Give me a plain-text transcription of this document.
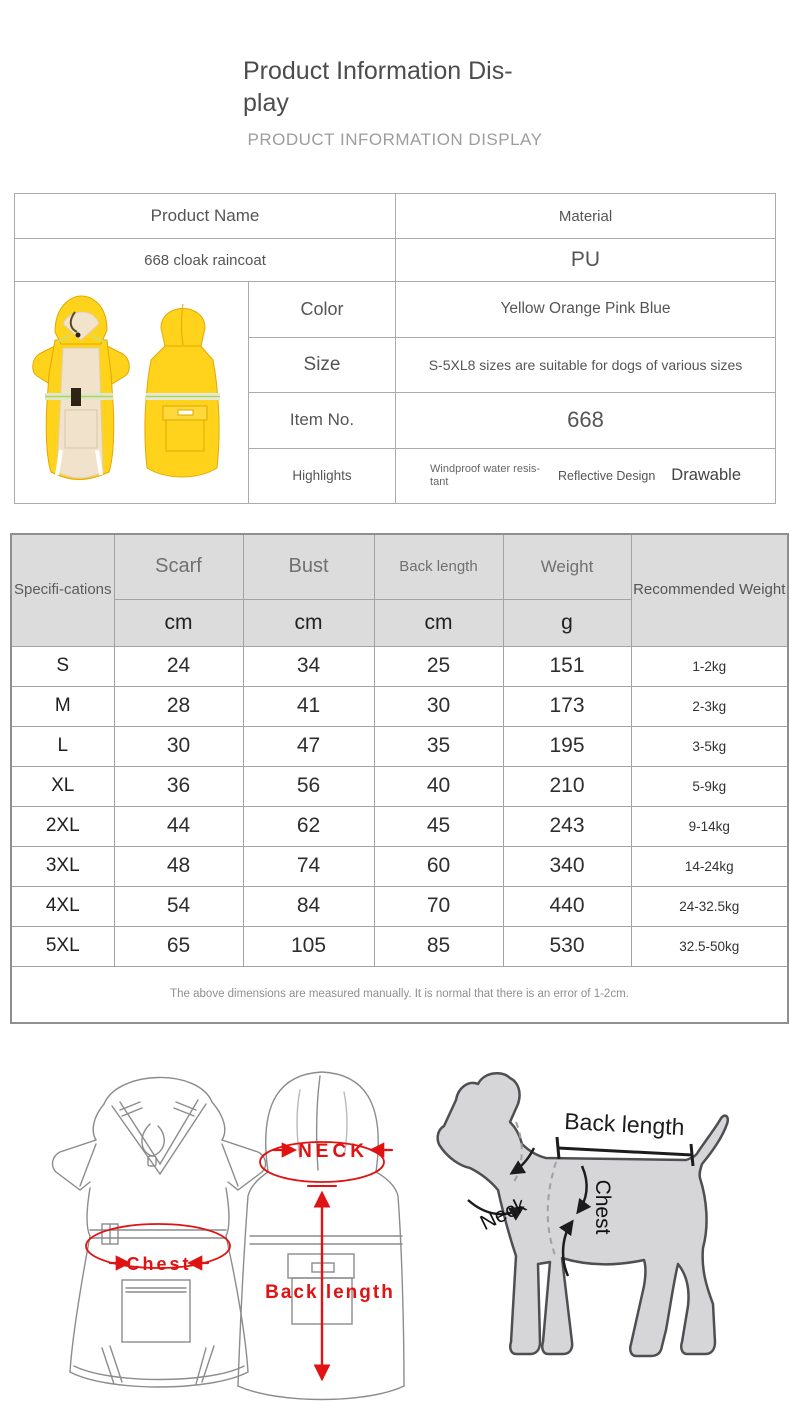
Product Information Dis-
play
PRODUCT INFORMATION DISPLAY
Product Name		Material
668 cloak raincoat		PU
	Color	Yellow Orange Pink Blue
	Size	S-5XL8 sizes are suitable for dogs of various sizes
	Item No.	668
	Highlights	Windproof water resis-tant Reflective Design Drawable
Specifi-cations	Scarf	Bust	Back length	Weight	Recommended Weight
	cm	cm	cm	g	
S	24	34	25	151	1-2kg
M	28	41	30	173	2-3kg
L	30	47	35	195	3-5kg
XL	36	56	40	210	5-9kg
2XL	44	62	45	243	9-14kg
3XL	48	74	60	340	14-24kg
4XL	54	84	70	440	24-32.5kg
5XL	65	105	85	530	32.5-50kg
The above dimensions are measured manually. It is normal that there is an error of 1-2cm.					
Chest
NECK
Back length
Back length
Neck	Chest
